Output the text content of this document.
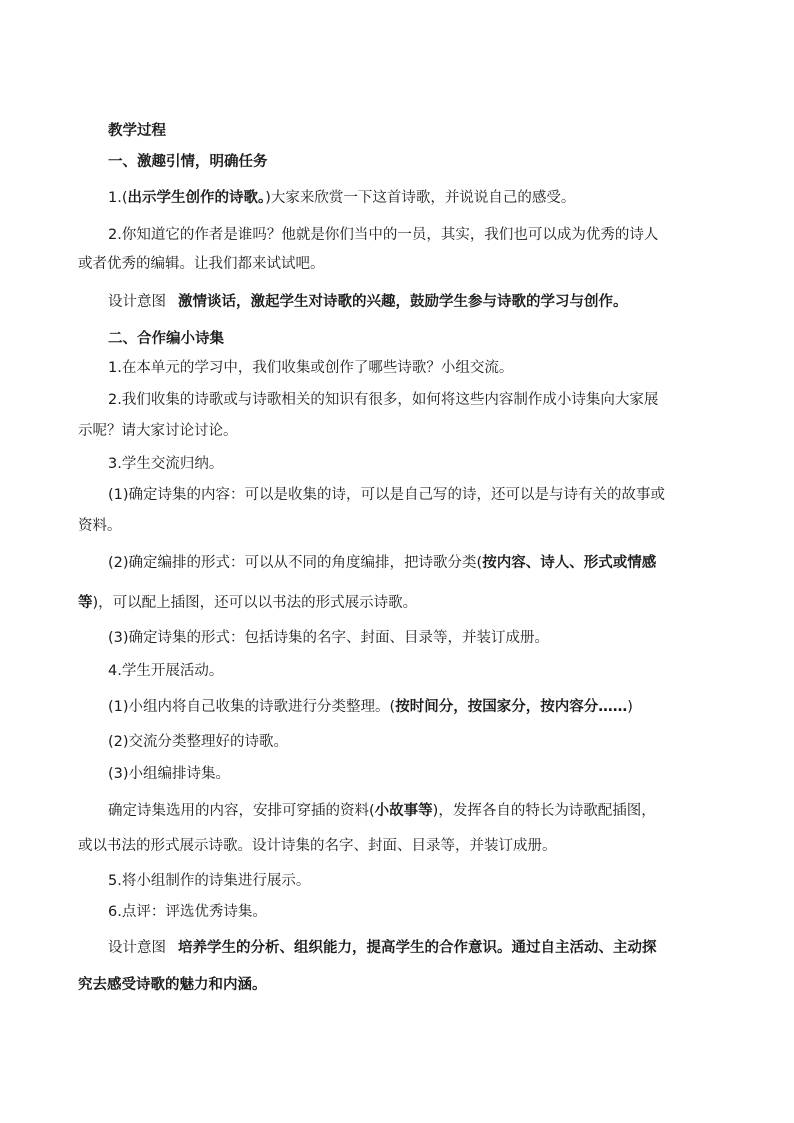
教学过程
一、激趣引情，明确任务
1.(出示学生创作的诗歌。)大家来欣赏一下这首诗歌，并说说自己的感受。
2.你知道它的作者是谁吗？他就是你们当中的一员，其实，我们也可以成为优秀的诗人
或者优秀的编辑。让我们都来试试吧。
设计意图 激情谈话，激起学生对诗歌的兴趣，鼓励学生参与诗歌的学习与创作。
二、合作编小诗集
1.在本单元的学习中，我们收集或创作了哪些诗歌？小组交流。
2.我们收集的诗歌或与诗歌相关的知识有很多，如何将这些内容制作成小诗集向大家展
示呢？请大家讨论讨论。
3.学生交流归纳。
(1)确定诗集的内容：可以是收集的诗，可以是自己写的诗，还可以是与诗有关的故事或
资料。
(2)确定编排的形式：可以从不同的角度编排，把诗歌分类(按内容、诗人、形式或情感
等)，可以配上插图，还可以以书法的形式展示诗歌。
(3)确定诗集的形式：包括诗集的名字、封面、目录等，并装订成册。
4.学生开展活动。
(1)小组内将自己收集的诗歌进行分类整理。(按时间分，按国家分，按内容分……)
(2)交流分类整理好的诗歌。
(3)小组编排诗集。
确定诗集选用的内容，安排可穿插的资料(小故事等)，发挥各自的特长为诗歌配插图，
或以书法的形式展示诗歌。设计诗集的名字、封面、目录等，并装订成册。
5.将小组制作的诗集进行展示。
6.点评：评选优秀诗集。
设计意图 培养学生的分析、组织能力，提高学生的合作意识。通过自主活动、主动探
究去感受诗歌的魅力和内涵。
